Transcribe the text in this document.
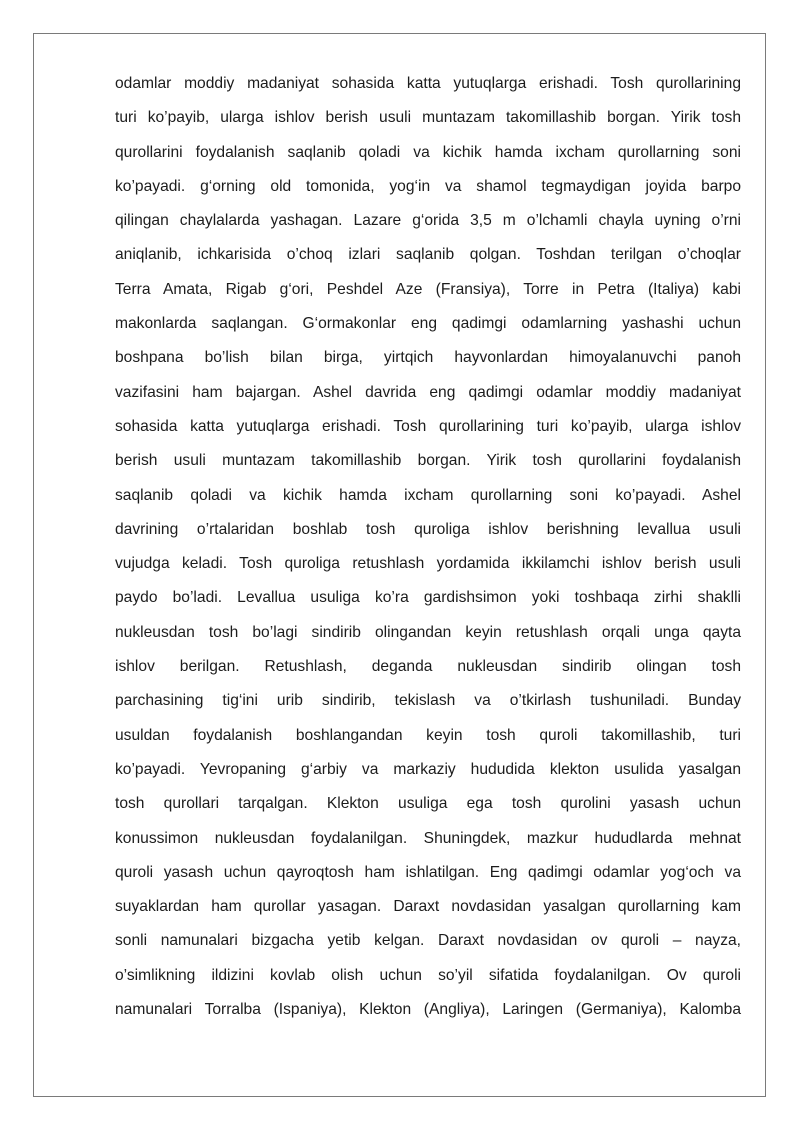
odamlar moddiy madaniyat sohasida katta yutuqlarga erishadi. Tosh qurollarining
turi ko’payib, ularga ishlov berish usuli muntazam takomillashib borgan. Yirik tosh
qurollarini foydalanish saqlanib qoladi va kichik hamda ixcham qurollarning soni
ko’payadi. g‘orning old tomonida, yog‘in va shamol tegmaydigan joyida barpo
qilingan chaylalarda yashagan. Lazare g‘orida 3,5 m o’lchamli chayla uyning o’rni
aniqlanib, ichkarisida o’choq izlari saqlanib qolgan. Toshdan terilgan o’choqlar
Terra Amata, Rigab g‘ori, Peshdel Aze (Fransiya), Torre in Petra (Italiya) kabi
makonlarda saqlangan. G‘ormakonlar eng qadimgi odamlarning yashashi uchun
boshpana bo’lish bilan birga, yirtqich hayvonlardan himoyalanuvchi panoh
vazifasini ham bajargan. Ashel davrida eng qadimgi odamlar moddiy madaniyat
sohasida katta yutuqlarga erishadi. Tosh qurollarining turi ko’payib, ularga ishlov
berish usuli muntazam takomillashib borgan. Yirik tosh qurollarini foydalanish
saqlanib qoladi va kichik hamda ixcham qurollarning soni ko’payadi. Ashel
davrining o’rtalaridan boshlab tosh quroliga ishlov berishning levallua usuli
vujudga keladi. Tosh quroliga retushlash yordamida ikkilamchi ishlov berish usuli
paydo bo’ladi. Levallua usuliga ko’ra gardishsimon yoki toshbaqa zirhi shaklli
nukleusdan tosh bo’lagi sindirib olingandan keyin retushlash orqali unga qayta
ishlov berilgan. Retushlash, deganda nukleusdan sindirib olingan tosh
parchasining tig‘ini urib sindirib, tekislash va o’tkirlash tushuniladi. Bunday
usuldan foydalanish boshlangandan keyin tosh quroli takomillashib, turi
ko’payadi. Yevropaning g‘arbiy va markaziy hududida klekton usulida yasalgan
tosh qurollari tarqalgan. Klekton usuliga ega tosh qurolini yasash uchun
konussimon nukleusdan foydalanilgan. Shuningdek, mazkur hududlarda mehnat
quroli yasash uchun qayroqtosh ham ishlatilgan. Eng qadimgi odamlar yog‘och va
suyaklardan ham qurollar yasagan. Daraxt novdasidan yasalgan qurollarning kam
sonli namunalari bizgacha yetib kelgan. Daraxt novdasidan ov quroli – nayza,
o’simlikning ildizini kovlab olish uchun so’yil sifatida foydalanilgan. Ov quroli
namunalari Torralba (Ispaniya), Klekton (Angliya), Laringen (Germaniya), Kalomba
